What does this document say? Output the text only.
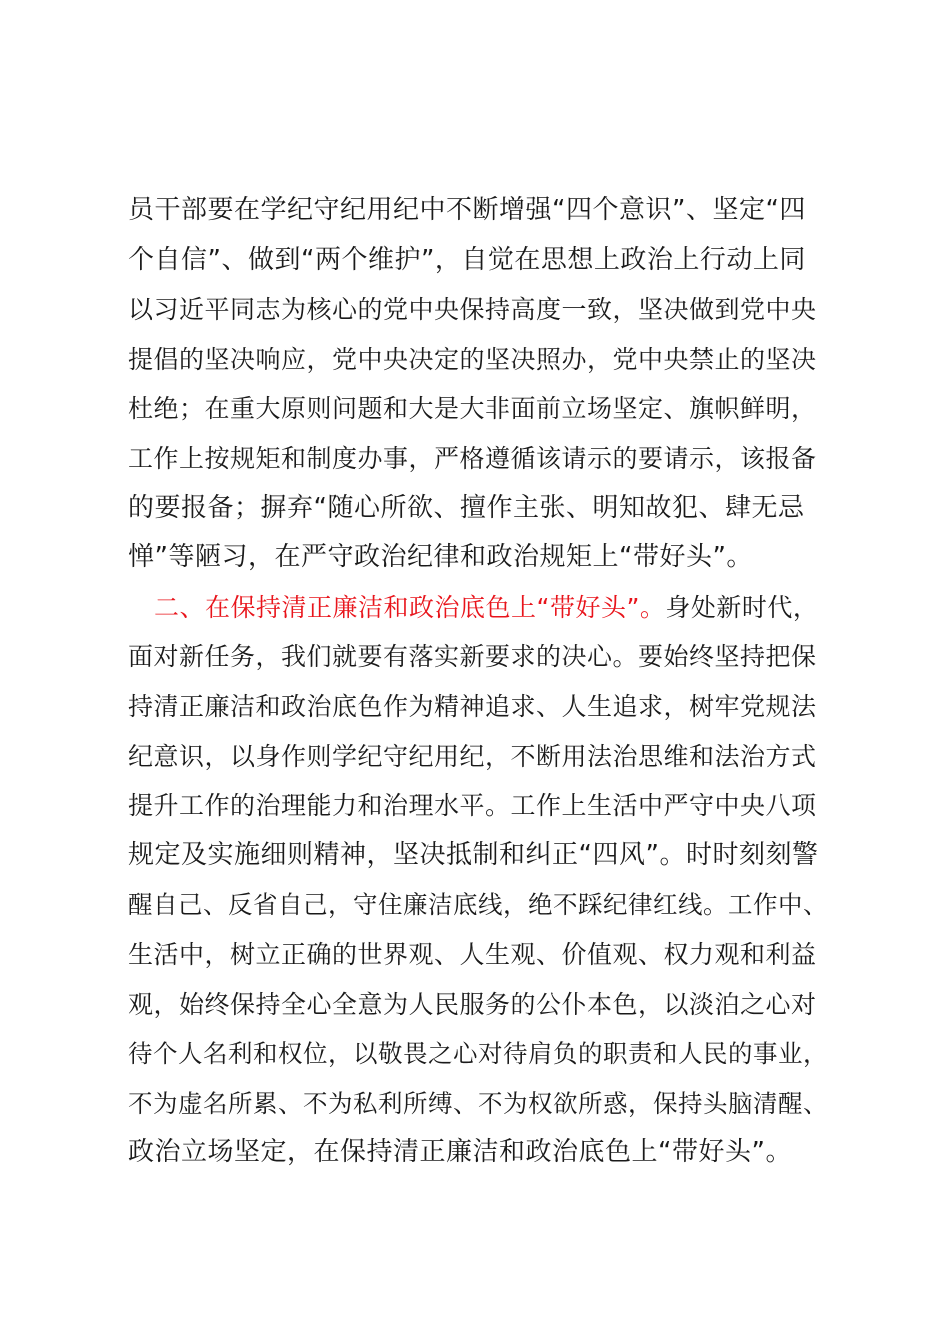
员干部要在学纪守纪用纪中不断增强“四个意识”、坚定“四
个自信”、做到“两个维护”，自觉在思想上政治上行动上同
以习近平同志为核心的党中央保持高度一致，坚决做到党中央
提倡的坚决响应，党中央决定的坚决照办，党中央禁止的坚决
杜绝；在重大原则问题和大是大非面前立场坚定、旗帜鲜明，
工作上按规矩和制度办事，严格遵循该请示的要请示，该报备
的要报备；摒弃“随心所欲、擅作主张、明知故犯、肆无忌
惮”等陋习，在严守政治纪律和政治规矩上“带好头”。
二、在保持清正廉洁和政治底色上“带好头”。身处新时代，
面对新任务，我们就要有落实新要求的决心。要始终坚持把保
持清正廉洁和政治底色作为精神追求、人生追求，树牢党规法
纪意识，以身作则学纪守纪用纪，不断用法治思维和法治方式
提升工作的治理能力和治理水平。工作上生活中严守中央八项
规定及实施细则精神，坚决抵制和纠正“四风”。时时刻刻警
醒自己、反省自己，守住廉洁底线，绝不踩纪律红线。工作中、
生活中，树立正确的世界观、人生观、价值观、权力观和利益
观，始终保持全心全意为人民服务的公仆本色，以淡泊之心对
待个人名利和权位，以敬畏之心对待肩负的职责和人民的事业，
不为虚名所累、不为私利所缚、不为权欲所惑，保持头脑清醒、
政治立场坚定，在保持清正廉洁和政治底色上“带好头”。
